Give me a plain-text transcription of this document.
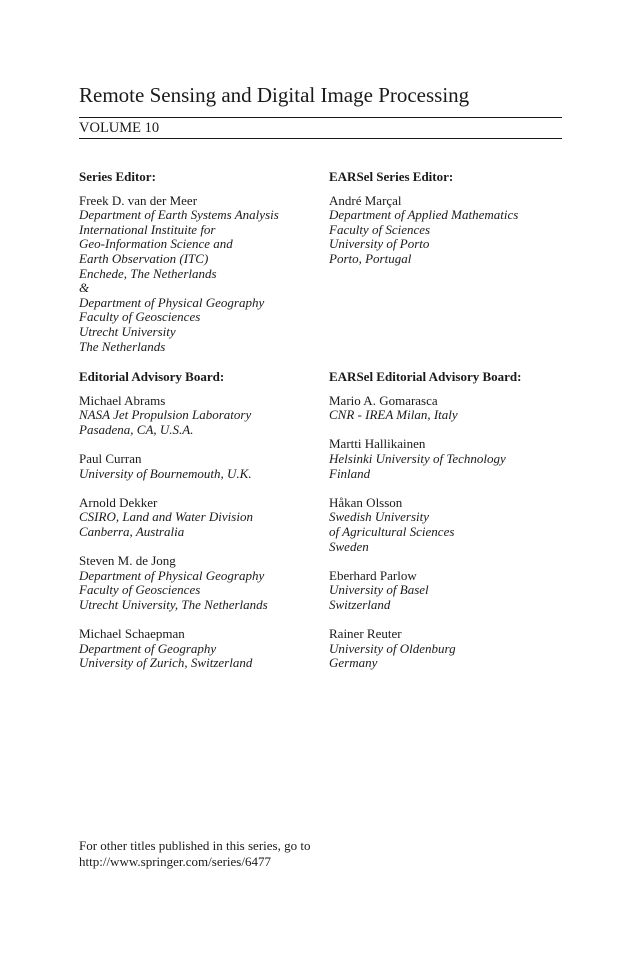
Remote Sensing and Digital Image Processing
VOLUME 10
Series Editor:
Freek D. van der Meer
Department of Earth Systems Analysis
International Instituite for
Geo-Information Science and
Earth Observation (ITC)
Enchede, The Netherlands
&
Department of Physical Geography
Faculty of Geosciences
Utrecht University
The Netherlands
EARSel Series Editor:
André Marçal
Department of Applied Mathematics
Faculty of Sciences
University of Porto
Porto, Portugal
Editorial Advisory Board:
Michael Abrams
NASA Jet Propulsion Laboratory
Pasadena, CA, U.S.A.
Paul Curran
University of Bournemouth, U.K.
Arnold Dekker
CSIRO, Land and Water Division
Canberra, Australia
Steven M. de Jong
Department of Physical Geography
Faculty of Geosciences
Utrecht University, The Netherlands
Michael Schaepman
Department of Geography
University of Zurich, Switzerland
EARSel Editorial Advisory Board:
Mario A. Gomarasca
CNR - IREA Milan, Italy
Martti Hallikainen
Helsinki University of Technology
Finland
Håkan Olsson
Swedish University
of Agricultural Sciences
Sweden
Eberhard Parlow
University of Basel
Switzerland
Rainer Reuter
University of Oldenburg
Germany
For other titles published in this series, go to
http://www.springer.com/series/6477
